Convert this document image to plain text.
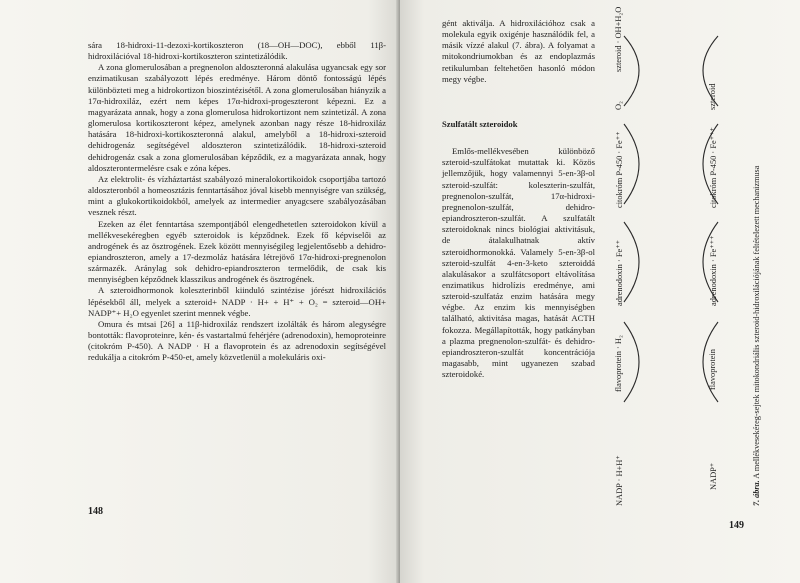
sára 18-hidroxi-11-dezoxi-kortikoszteron (18—OH—DOC), ebből 11β-hidroxilációval 18-hidroxi-kortikoszteron szintetizálódik.

A zona glomerulosában a pregnenolon aldoszteronná alakulása ugyancsak egy sor enzimatikusan szabályozott lépés eredménye. Három döntő fontosságú lépés különbözteti meg a hidrokortizon bioszintézisétől. A zona glomerulosában hiányzik a 17α-hidroxiláz, ezért nem képes 17α-hidroxi-progeszteront képezni. Ez a magyarázata annak, hogy a zona glomerulosa hidrokortizont nem szintetizál. A zona glomerulosa kortikoszteront képez, amelynek azonban nagy része 18-hidroxiláz hatására 18-hidroxi-kortikoszteronná alakul, amelyből a 18-hidroxi-szteroid dehidrogenáz segítségével aldoszteron szintetizálódik. 18-hidroxi-szteroid dehidrogenáz csak a zona glomerulosában képződik, ez a magyarázata annak, hogy aldoszterontermelésre csak e zóna képes.

Az elektrolit- és vízháztartást szabályozó mineralokortikoidok csoportjába tartozó aldoszteronból a homeosztázis fenntartásához jóval kisebb mennyiségre van szükség, mint a glukokortikoidokból, amelyek az intermedier anyagcsere szabályozásában vesznek részt.

Ezeken az élet fenntartása szempontjából elengedhetetlen szteroidokon kívül a mellékvesekéregben egyéb szteroidok is képződnek. Ezek fő képviselői az androgének és az ösztrogének. Ezek között mennyiségileg legjelentősebb a dehidro-epiandroszteron, amely a 17-dezmoláz hatására létrejövő 17α-hidroxi-pregnenolon származék. Aránylag sok dehidro-epiandroszteron termelődik, de csak kis mennyiségben képződnek klasszikus androgének és ösztrogének.

A szteroidhormonok koleszterinből kiinduló szintézise jórészt hidroxilációs lépésekből áll, melyek a szteroid+ NADP · H+ + H⁺ + O₂ = szteroid—OH+ NADP⁺+ H₂O egyenlet szerint mennek végbe.

Omura és mtsai [26] a 11β-hidroxiláz rendszert izolálták és három alegységre bontották: flavoproteinre, kén- és vastartalmú fehérjére (adrenodoxin), hemoproteinre (citokróm P-450). A NADP · H a flavoprotein és az adrenodoxin segítségével redukálja a citokróm P-450-et, amely közvetlenül a molekuláris oxi-

148

gént aktiválja. A hidroxilációhoz csak a molekula egyik oxigénje használódik fel, a másik vízzé alakul (7. ábra). A folyamat a mitokondriumokban és az endoplazmás retikulumban feltehetően hasonló módon megy végbe.

Szulfatált szteroidok

Emlős-mellékvesében különböző szteroid-szulfátokat mutattak ki. Közös jellemzőjük, hogy valamennyi 5-en-3β-ol szteroid-szulfát: koleszterin-szulfát, pregnenolon-szulfát, 17α-hidroxi-pregnenolon-szulfát, dehidro-epiandroszteron-szulfát. A szulfatált szteroidoknak nincs biológiai aktivitásuk, de átalakulhatnak aktív szteroidhormonokká. Valamely 5-en-3β-ol szteroid-szulfát 4-en-3-keto szteroiddá alakulásakor a szulfátcsoport eltávolítása enzimatikus hidrolízis eredménye, ami szteroid-szulfatáz enzim hatására megy végbe. Az enzim kis mennyiségben található, aktivitása magas, hatását ACTH fokozza. Megállapították, hogy patkányban a plazma pregnenolon-szulfát- és dehidro-epiandroszteron-szulfát koncentrációja magasabb, mint ugyanezen szabad szteroidoké.

NADP · H+H⁺
flavoprotein · H₂
adrenodoxin · Fe⁺⁺
citokróm P-450 · Fe⁺⁺
O₂
NADP⁺
flavoprotein
adrenodoxin · Fe⁺⁺⁺
citokróm P-450 · Fe⁺⁺⁺
szteroid
szteroid · OH+H₂O
7. ábra. A mellékvesekéreg-sejtek mitokondriális szteroid-hidroxilációjának feltételezett mechanizmusa
149
